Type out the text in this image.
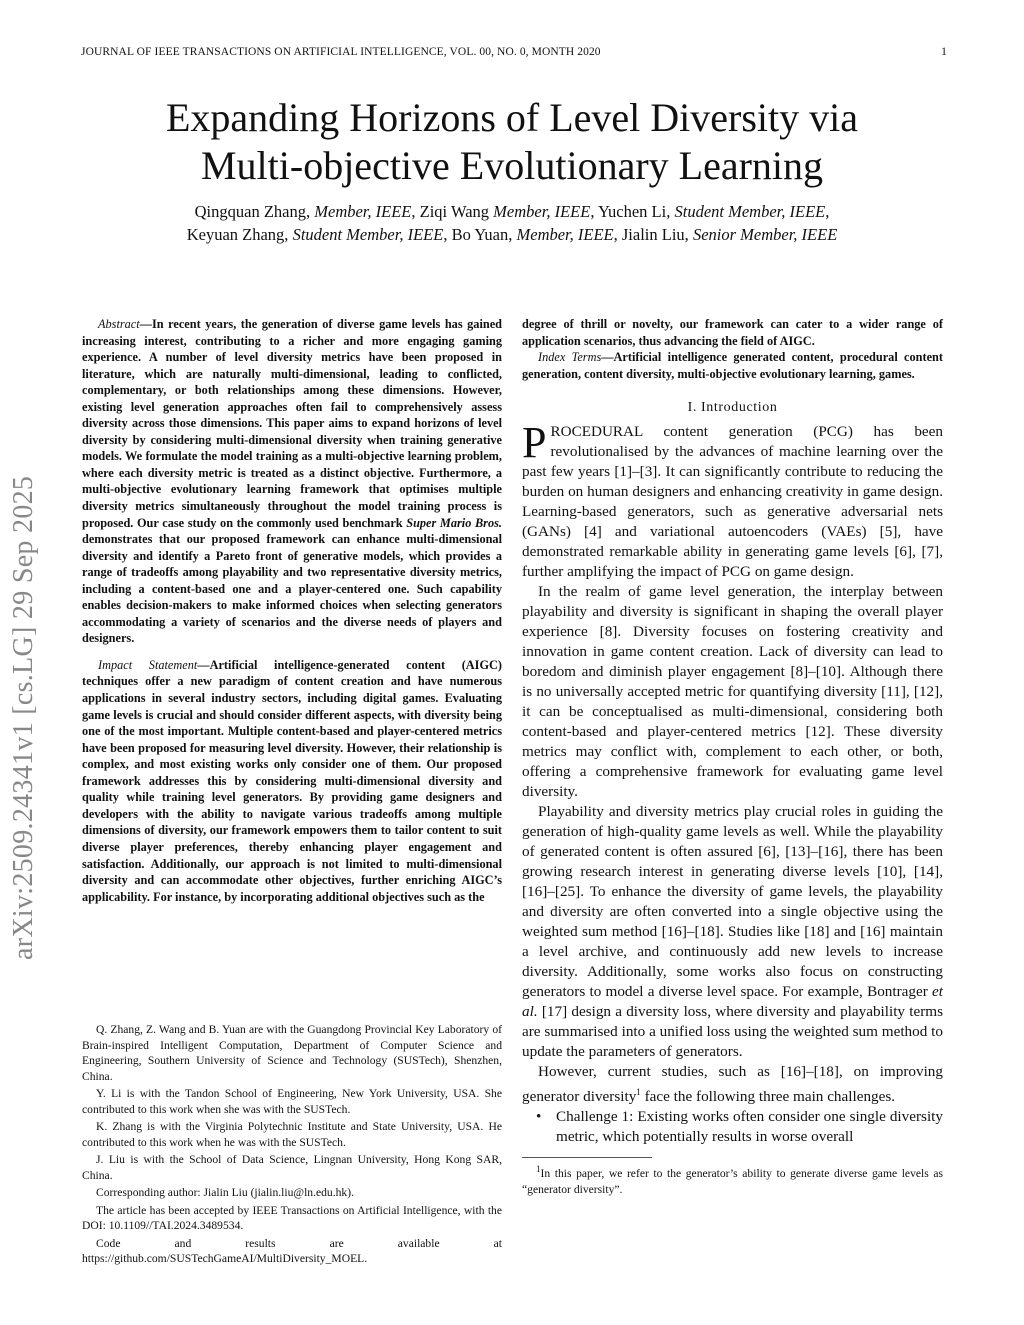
JOURNAL OF IEEE TRANSACTIONS ON ARTIFICIAL INTELLIGENCE, VOL. 00, NO. 0, MONTH 2020	1
Expanding Horizons of Level Diversity via
Multi-objective Evolutionary Learning
Qingquan Zhang, Member, IEEE, Ziqi Wang Member, IEEE, Yuchen Li, Student Member, IEEE,
Keyuan Zhang, Student Member, IEEE, Bo Yuan, Member, IEEE, Jialin Liu, Senior Member, IEEE
arXiv:2509.24341v1 [cs.LG] 29 Sep 2025

Abstract—In recent years, the generation of diverse game levels has gained increasing interest, contributing to a richer and more engaging gaming experience. A number of level diversity metrics have been proposed in literature, which are naturally multi-dimensional, leading to conflicted, complementary, or both relationships among these dimensions. However, existing level generation approaches often fail to comprehensively assess diversity across those dimensions. This paper aims to expand horizons of level diversity by considering multi-dimensional diversity when training generative models. We formulate the model training as a multi-objective learning problem, where each diversity metric is treated as a distinct objective. Furthermore, a multi-objective evolutionary learning framework that optimises multiple diversity metrics simultaneously throughout the model training process is proposed. Our case study on the commonly used benchmark Super Mario Bros. demonstrates that our proposed framework can enhance multi-dimensional diversity and identify a Pareto front of generative models, which provides a range of tradeoffs among playability and two representative diversity metrics, including a content-based one and a player-centered one. Such capability enables decision-makers to make informed choices when selecting generators accommodating a variety of scenarios and the diverse needs of players and designers.

Impact Statement—Artificial intelligence-generated content (AIGC) techniques offer a new paradigm of content creation and have numerous applications in several industry sectors, including digital games. Evaluating game levels is crucial and should consider different aspects, with diversity being one of the most important. Multiple content-based and player-centered metrics have been proposed for measuring level diversity. However, their relationship is complex, and most existing works only consider one of them. Our proposed framework addresses this by considering multi-dimensional diversity and quality while training level generators. By providing game designers and developers with the ability to navigate various tradeoffs among multiple dimensions of diversity, our framework empowers them to tailor content to suit diverse player preferences, thereby enhancing player engagement and satisfaction. Additionally, our approach is not limited to multi-dimensional diversity and can accommodate other objectives, further enriching AIGC’s applicability. For instance, by incorporating additional objectives such as the

Q. Zhang, Z. Wang and B. Yuan are with the Guangdong Provincial Key Laboratory of Brain-inspired Intelligent Computation, Department of Computer Science and Engineering, Southern University of Science and Technology (SUSTech), Shenzhen, China.

Y. Li is with the Tandon School of Engineering, New York University, USA. She contributed to this work when she was with the SUSTech.

K. Zhang is with the Virginia Polytechnic Institute and State University, USA. He contributed to this work when he was with the SUSTech.

J. Liu is with the School of Data Science, Lingnan University, Hong Kong SAR, China.

Corresponding author: Jialin Liu (jialin.liu@ln.edu.hk).

The article has been accepted by IEEE Transactions on Artificial Intelligence, with the DOI: 10.1109//TAI.2024.3489534.

Code and results are available at https://github.com/SUSTechGameAI/MultiDiversity_MOEL.

degree of thrill or novelty, our framework can cater to a wider range of application scenarios, thus advancing the field of AIGC.

Index Terms—Artificial intelligence generated content, procedural content generation, content diversity, multi-objective evolutionary learning, games.

I. Introduction

PROCEDURAL content generation (PCG) has been revolutionalised by the advances of machine learning over the past few years [1]–[3]. It can significantly contribute to reducing the burden on human designers and enhancing creativity in game design. Learning-based generators, such as generative adversarial nets (GANs) [4] and variational autoencoders (VAEs) [5], have demonstrated remarkable ability in generating game levels [6], [7], further amplifying the impact of PCG on game design.

In the realm of game level generation, the interplay between playability and diversity is significant in shaping the overall player experience [8]. Diversity focuses on fostering creativity and innovation in game content creation. Lack of diversity can lead to boredom and diminish player engagement [8]–[10]. Although there is no universally accepted metric for quantifying diversity [11], [12], it can be conceptualised as multi-dimensional, considering both content-based and player-centered metrics [12]. These diversity metrics may conflict with, complement to each other, or both, offering a comprehensive framework for evaluating game level diversity.

Playability and diversity metrics play crucial roles in guiding the generation of high-quality game levels as well. While the playability of generated content is often assured [6], [13]–[16], there has been growing research interest in generating diverse levels [10], [14], [16]–[25]. To enhance the diversity of game levels, the playability and diversity are often converted into a single objective using the weighted sum method [16]–[18]. Studies like [18] and [16] maintain a level archive, and continuously add new levels to increase diversity. Additionally, some works also focus on constructing generators to model a diverse level space. For example, Bontrager et al. [17] design a diversity loss, where diversity and playability terms are summarised into a unified loss using the weighted sum method to update the parameters of generators.

However, current studies, such as [16]–[18], on improving generator diversity$^1$ face the following three main challenges.

• Challenge 1: Existing works often consider one single diversity metric, which potentially results in worse overall

$^1$In this paper, we refer to the generator’s ability to generate diverse game levels as “generator diversity”.
